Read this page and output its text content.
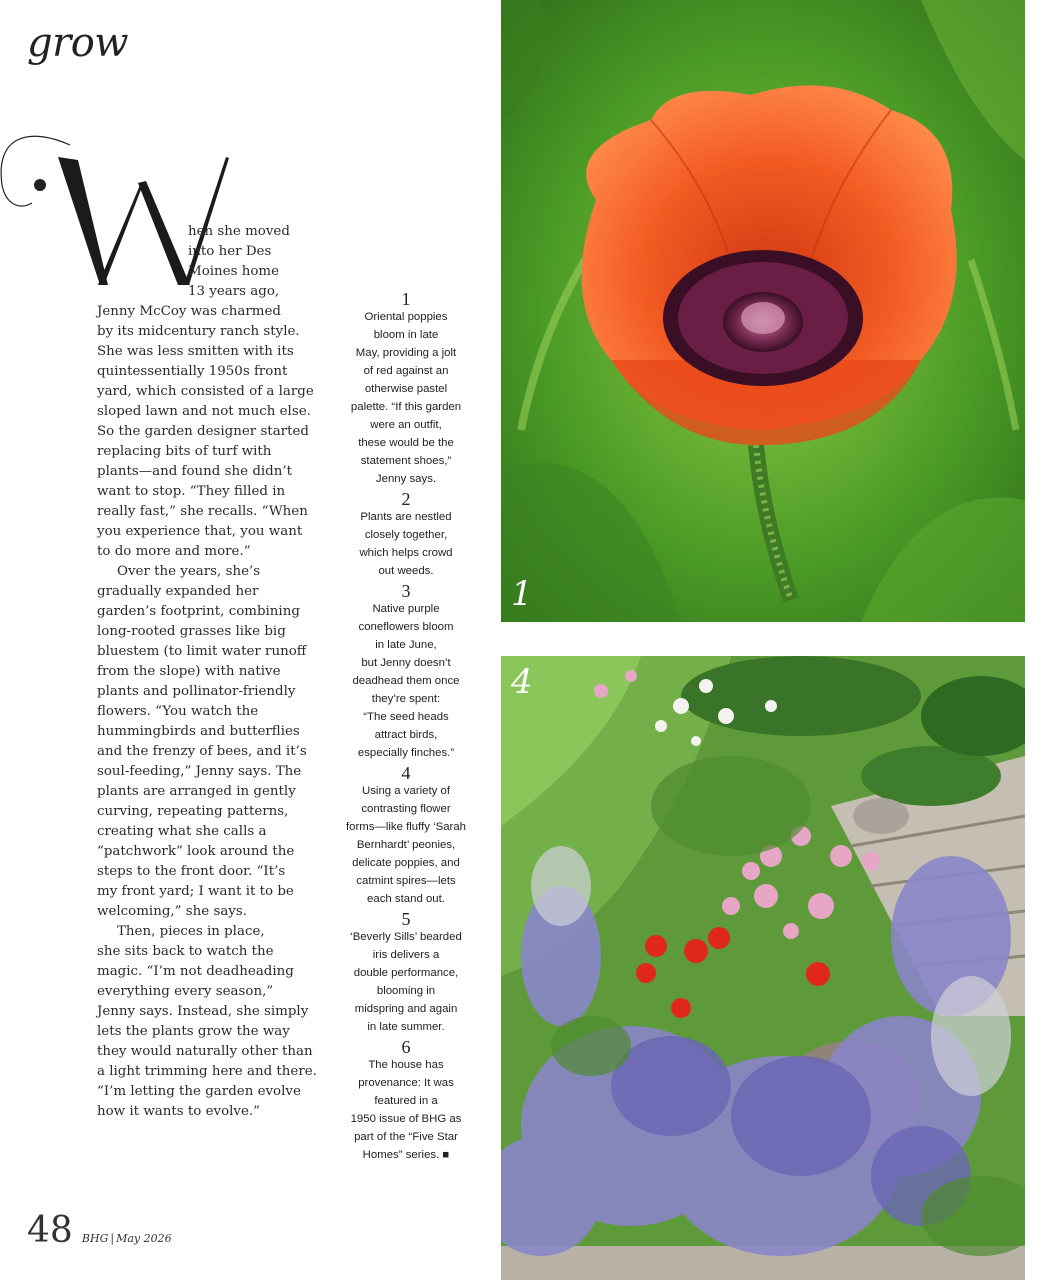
grow
W	hen she moved
into her Des
Moines home
13 years ago,
Jenny McCoy was charmed
by its midcentury ranch style.
She was less smitten with its
quintessentially 1950s front
yard, which consisted of a large
sloped lawn and not much else.
So the garden designer started
replacing bits of turf with
plants—and found she didn’t
want to stop. “They filled in
really fast,” she recalls. “When
you experience that, you want
to do more and more.”
Over the years, she’s
gradually expanded her
garden’s footprint, combining
long-rooted grasses like big
bluestem (to limit water runoff
from the slope) with native
plants and pollinator-friendly
flowers. “You watch the
hummingbirds and butterflies
and the frenzy of bees, and it’s
soul-feeding,” Jenny says. The
plants are arranged in gently
curving, repeating patterns,
creating what she calls a
“patchwork” look around the
steps to the front door. “It’s
my front yard; I want it to be
welcoming,” she says.
Then, pieces in place,
she sits back to watch the
magic. “I’m not deadheading
everything every season,”
Jenny says. Instead, she simply
lets the plants grow the way
they would naturally other than
a light trimming here and there.
“I’m letting the garden evolve
how it wants to evolve.”
1
Oriental poppies
bloom in late
May, providing a jolt
of red against an
otherwise pastel
palette. “If this garden
were an outfit,
these would be the
statement shoes,”
Jenny says.
2
Plants are nestled
closely together,
which helps crowd
out weeds.
3
Native purple
coneflowers bloom
in late June,
but Jenny doesn’t
deadhead them once
they’re spent:
“The seed heads
attract birds,
especially finches.”
4
Using a variety of
contrasting flower
forms—like fluffy ‘Sarah
Bernhardt’ peonies,
delicate poppies, and
catmint spires—lets
each stand out.
5
‘Beverly Sills’ bearded
iris delivers a
double performance,
blooming in
midspring and again
in late summer.
6
The house has
provenance: It was
featured in a
1950 issue of BHG as
part of the “Five Star
Homes” series. ■
1
4
48 BHG | May 2026
